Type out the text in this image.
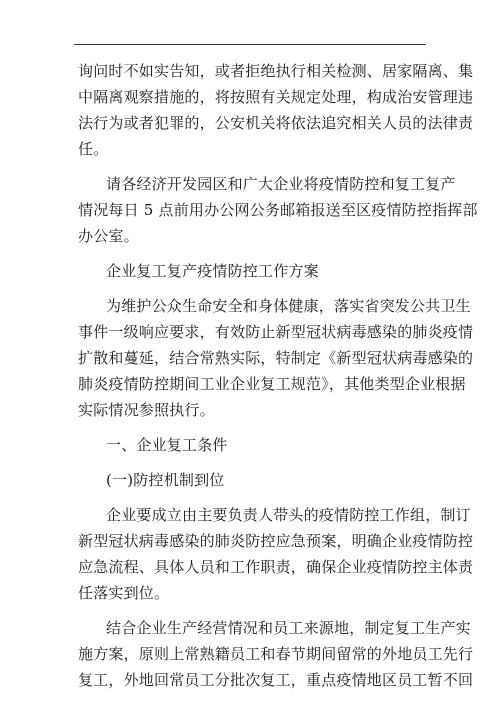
询问时不如实告知，或者拒绝执行相关检测、居家隔离、集
中隔离观察措施的，将按照有关规定处理，构成治安管理违
法行为或者犯罪的，公安机关将依法追究相关人员的法律责
任。
请各经济开发园区和广大企业将疫情防控和复工复产
情况每日 5 点前用办公网公务邮箱报送至区疫情防控指挥部
办公室。
企业复工复产疫情防控工作方案
为维护公众生命安全和身体健康，落实省突发公共卫生
事件一级响应要求，有效防止新型冠状病毒感染的肺炎疫情
扩散和蔓延，结合常熟实际，特制定《新型冠状病毒感染的
肺炎疫情防控期间工业企业复工规范》，其他类型企业根据
实际情况参照执行。
一、企业复工条件
(一)防控机制到位
企业要成立由主要负责人带头的疫情防控工作组，制订
新型冠状病毒感染的肺炎防控应急预案，明确企业疫情防控
应急流程、具体人员和工作职责，确保企业疫情防控主体责
任落实到位。
结合企业生产经营情况和员工来源地，制定复工生产实
施方案，原则上常熟籍员工和春节期间留常的外地员工先行
复工，外地回常员工分批次复工，重点疫情地区员工暂不回
